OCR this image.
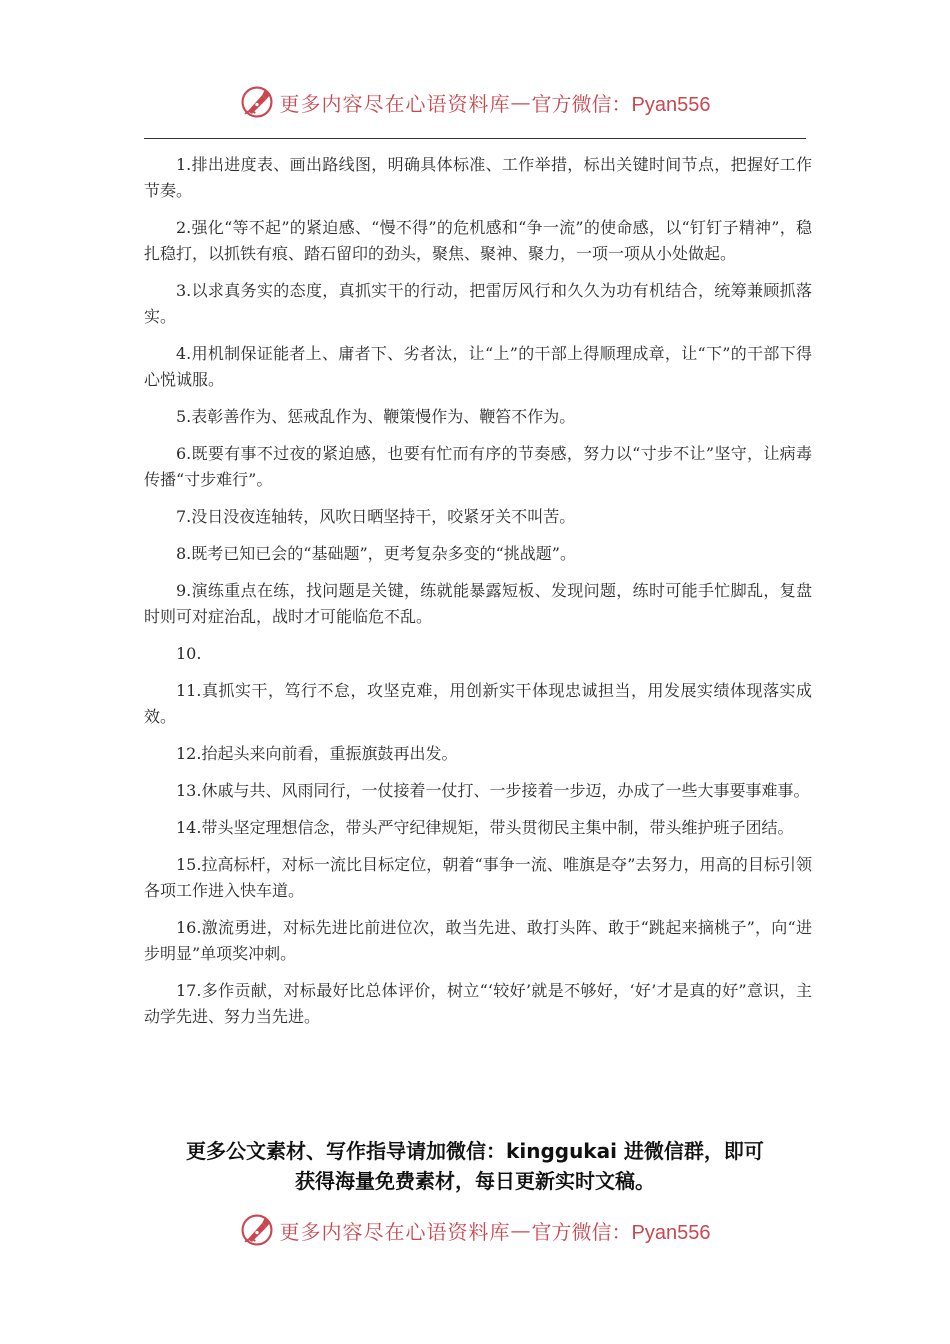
更多内容尽在心语资料库 — 官方微信：Pyan556

1.排出进度表、画出路线图，明确具体标准、工作举措，标出关键时间节点，把握好工作节奏。

2.强化“等不起”的紧迫感、“慢不得”的危机感和“争一流”的使命感，以“钉钉子精神”，稳扎稳打，以抓铁有痕、踏石留印的劲头，聚焦、聚神、聚力，一项一项从小处做起。

3.以求真务实的态度，真抓实干的行动，把雷厉风行和久久为功有机结合，统筹兼顾抓落实。

4.用机制保证能者上、庸者下、劣者汰，让“上”的干部上得顺理成章，让“下”的干部下得心悦诚服。

5.表彰善作为、惩戒乱作为、鞭策慢作为、鞭笞不作为。

6.既要有事不过夜的紧迫感，也要有忙而有序的节奏感，努力以“寸步不让”坚守，让病毒传播“寸步难行”。

7.没日没夜连轴转，风吹日晒坚持干，咬紧牙关不叫苦。

8.既考已知已会的“基础题”，更考复杂多变的“挑战题”。

9.演练重点在练，找问题是关键，练就能暴露短板、发现问题，练时可能手忙脚乱，复盘时则可对症治乱，战时才可能临危不乱。

10.

11.真抓实干，笃行不怠，攻坚克难，用创新实干体现忠诚担当，用发展实绩体现落实成效。

12.抬起头来向前看，重振旗鼓再出发。

13.休戚与共、风雨同行，一仗接着一仗打、一步接着一步迈，办成了一些大事要事难事。

14.带头坚定理想信念，带头严守纪律规矩，带头贯彻民主集中制，带头维护班子团结。

15.拉高标杆，对标一流比目标定位，朝着“事争一流、唯旗是夺”去努力，用高的目标引领各项工作进入快车道。

16.激流勇进，对标先进比前进位次，敢当先进、敢打头阵、敢于“跳起来摘桃子”，向“进步明显”单项奖冲刺。

17.多作贡献，对标最好比总体评价，树立“‘较好’就是不够好，‘好’才是真的好”意识，主动学先进、努力当先进。

更多公文素材、写作指导请加微信：kinggukai 进微信群，即可
获得海量免费素材，每日更新实时文稿。
更多内容尽在心语资料库 — 官方微信：Pyan556
